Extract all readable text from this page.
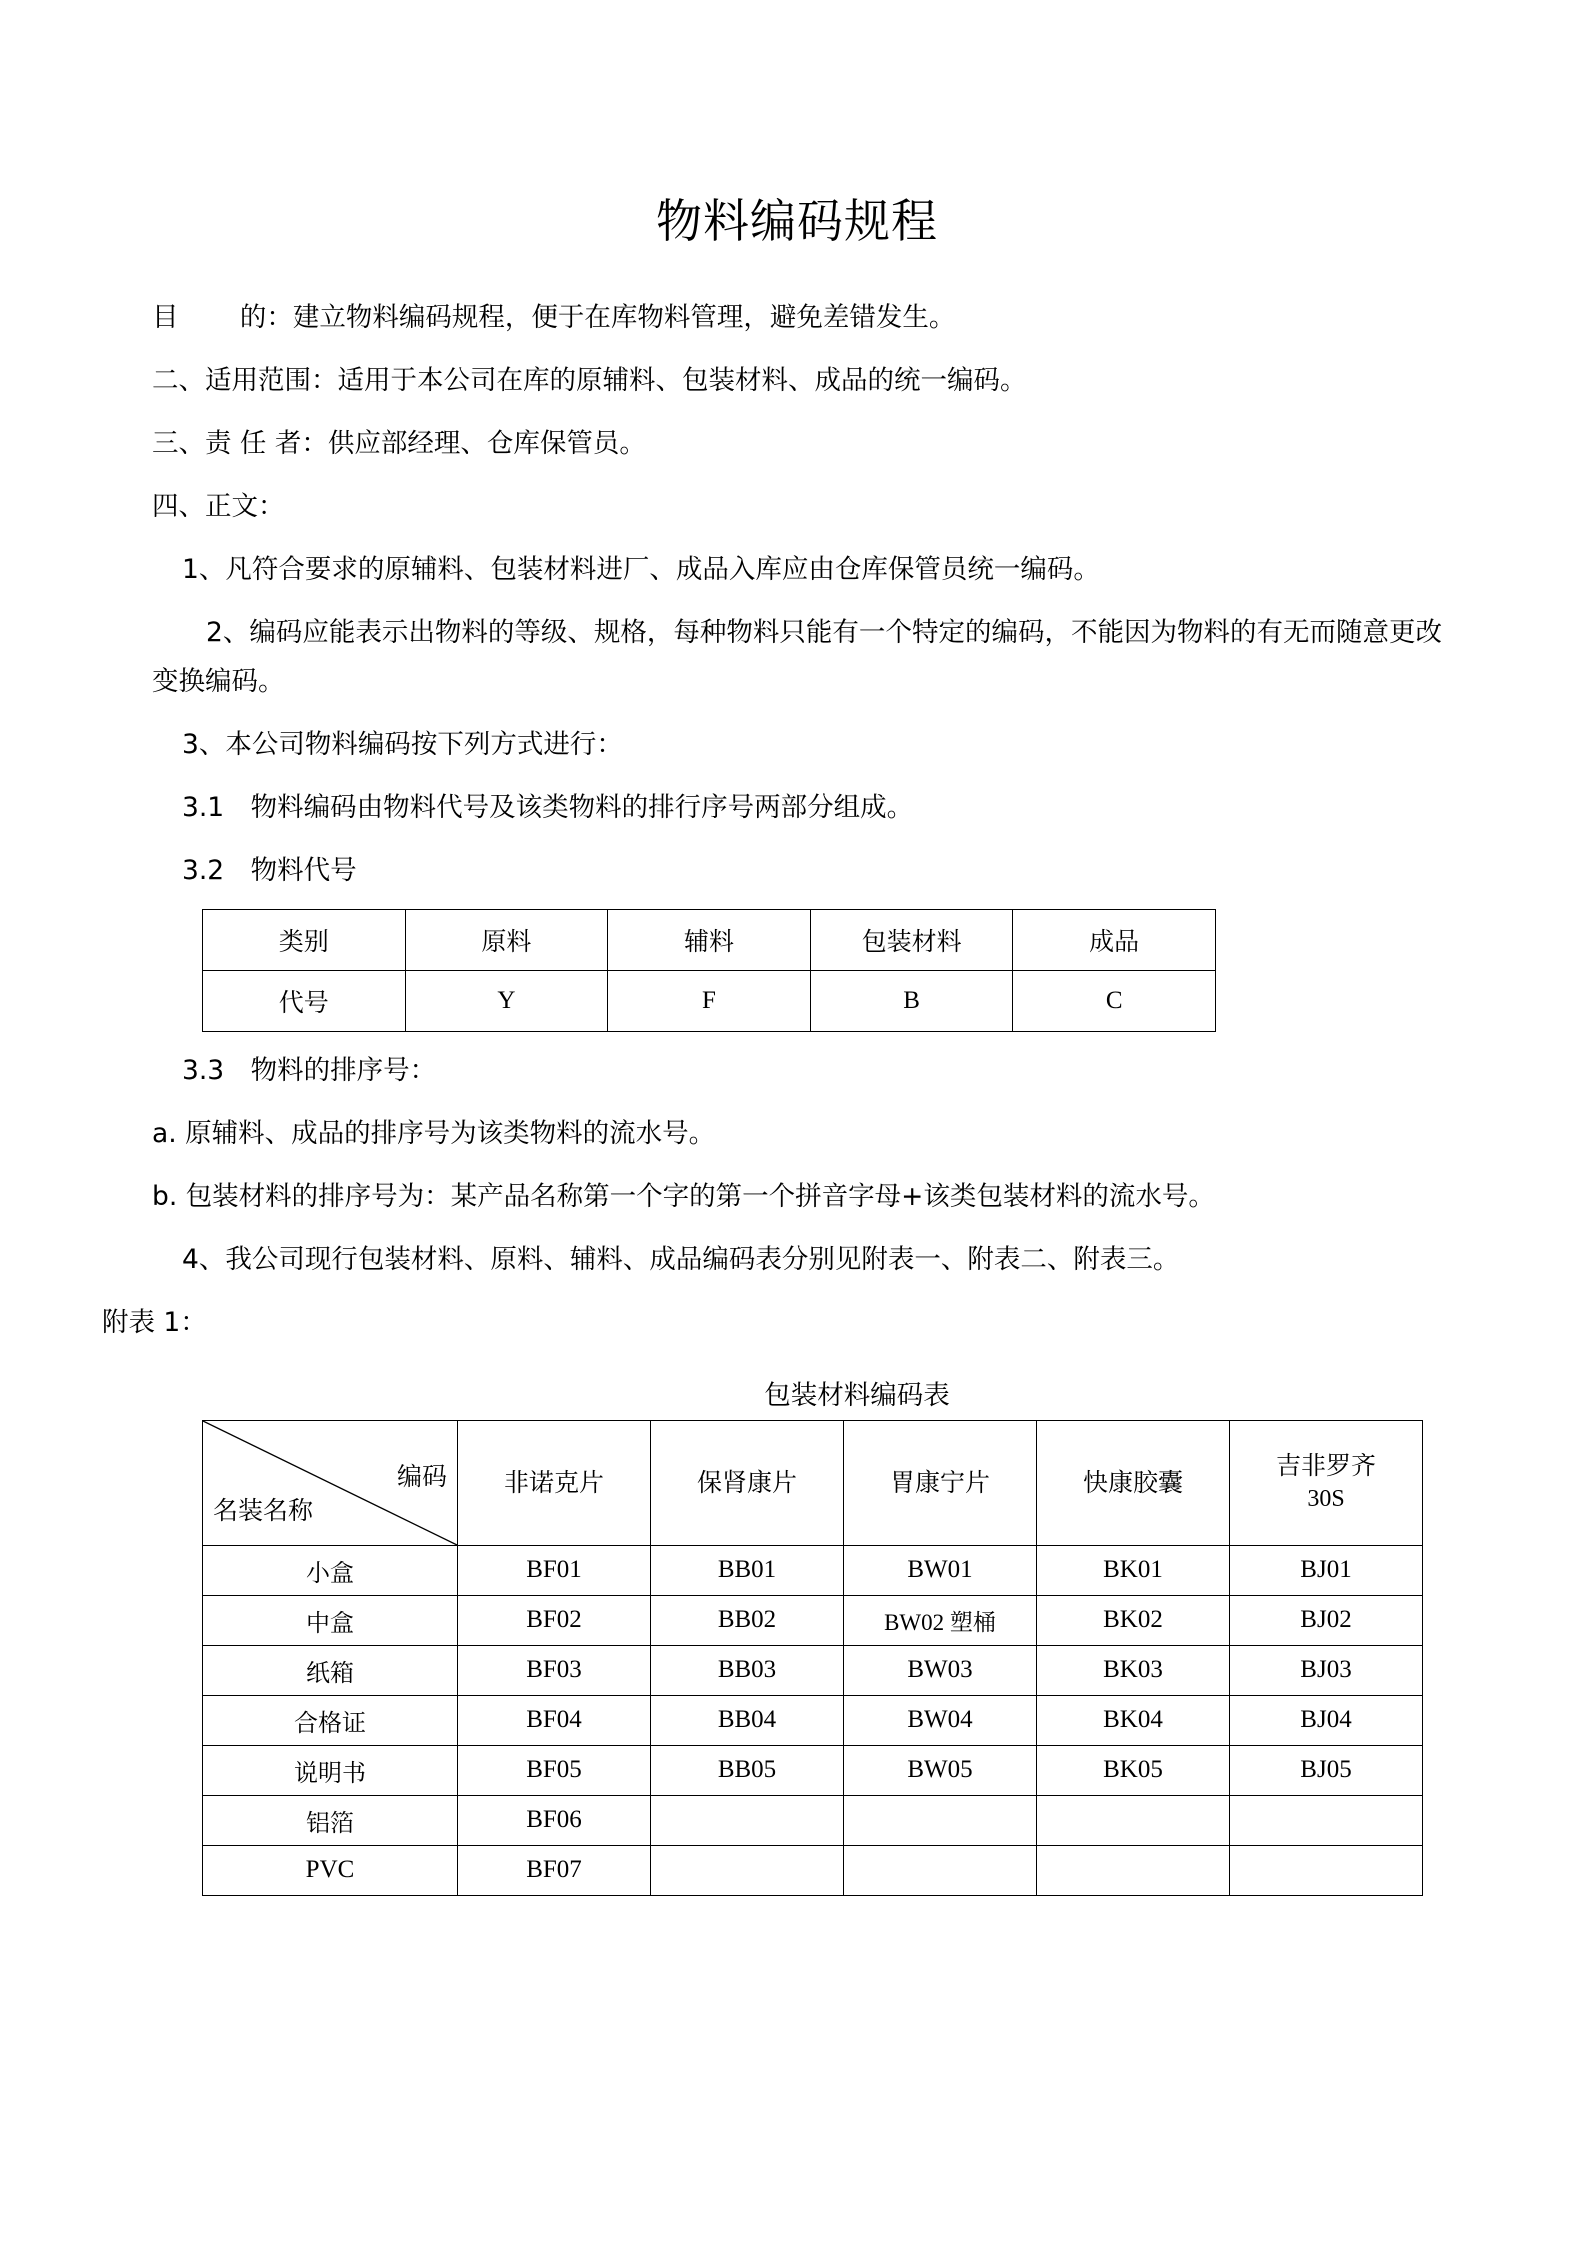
物料编码规程

目　　 的：建立物料编码规程，便于在库物料管理，避免差错发生。

二、适用范围：适用于本公司在库的原辅料、包装材料、成品的统一编码。

三、责 任 者：供应部经理、仓库保管员。

四、正文：

1、凡符合要求的原辅料、包装材料进厂、成品入库应由仓库保管员统一编码。

2、编码应能表示出物料的等级、规格，每种物料只能有一个特定的编码，不能因为物料的有无而随意更改变换编码。

3、本公司物料编码按下列方式进行：

3.1　物料编码由物料代号及该类物料的排行序号两部分组成。

3.2　物料代号

类别	原料	辅料	包装材料	成品
代号	Y	F	B	C

3.3　物料的排序号：

a. 原辅料、成品的排序号为该类物料的流水号。

b. 包装材料的排序号为：某产品名称第一个字的第一个拼音字母+该类包装材料的流水号。

4、我公司现行包装材料、原料、辅料、成品编码表分别见附表一、附表二、附表三。

附表 1：

包装材料编码表
编码
名装名称	非诺克片	保肾康片	胃康宁片	快康胶囊	吉非罗齐
30S

小盒	BF01	BB01	BW01	BK01	BJ01
中盒	BF02	BB02	BW02 塑桶	BK02	BJ02
纸箱	BF03	BB03	BW03	BK03	BJ03
合格证	BF04	BB04	BW04	BK04	BJ04
说明书	BF05	BB05	BW05	BK05	BJ05
铝箔	BF06				
PVC	BF07				
